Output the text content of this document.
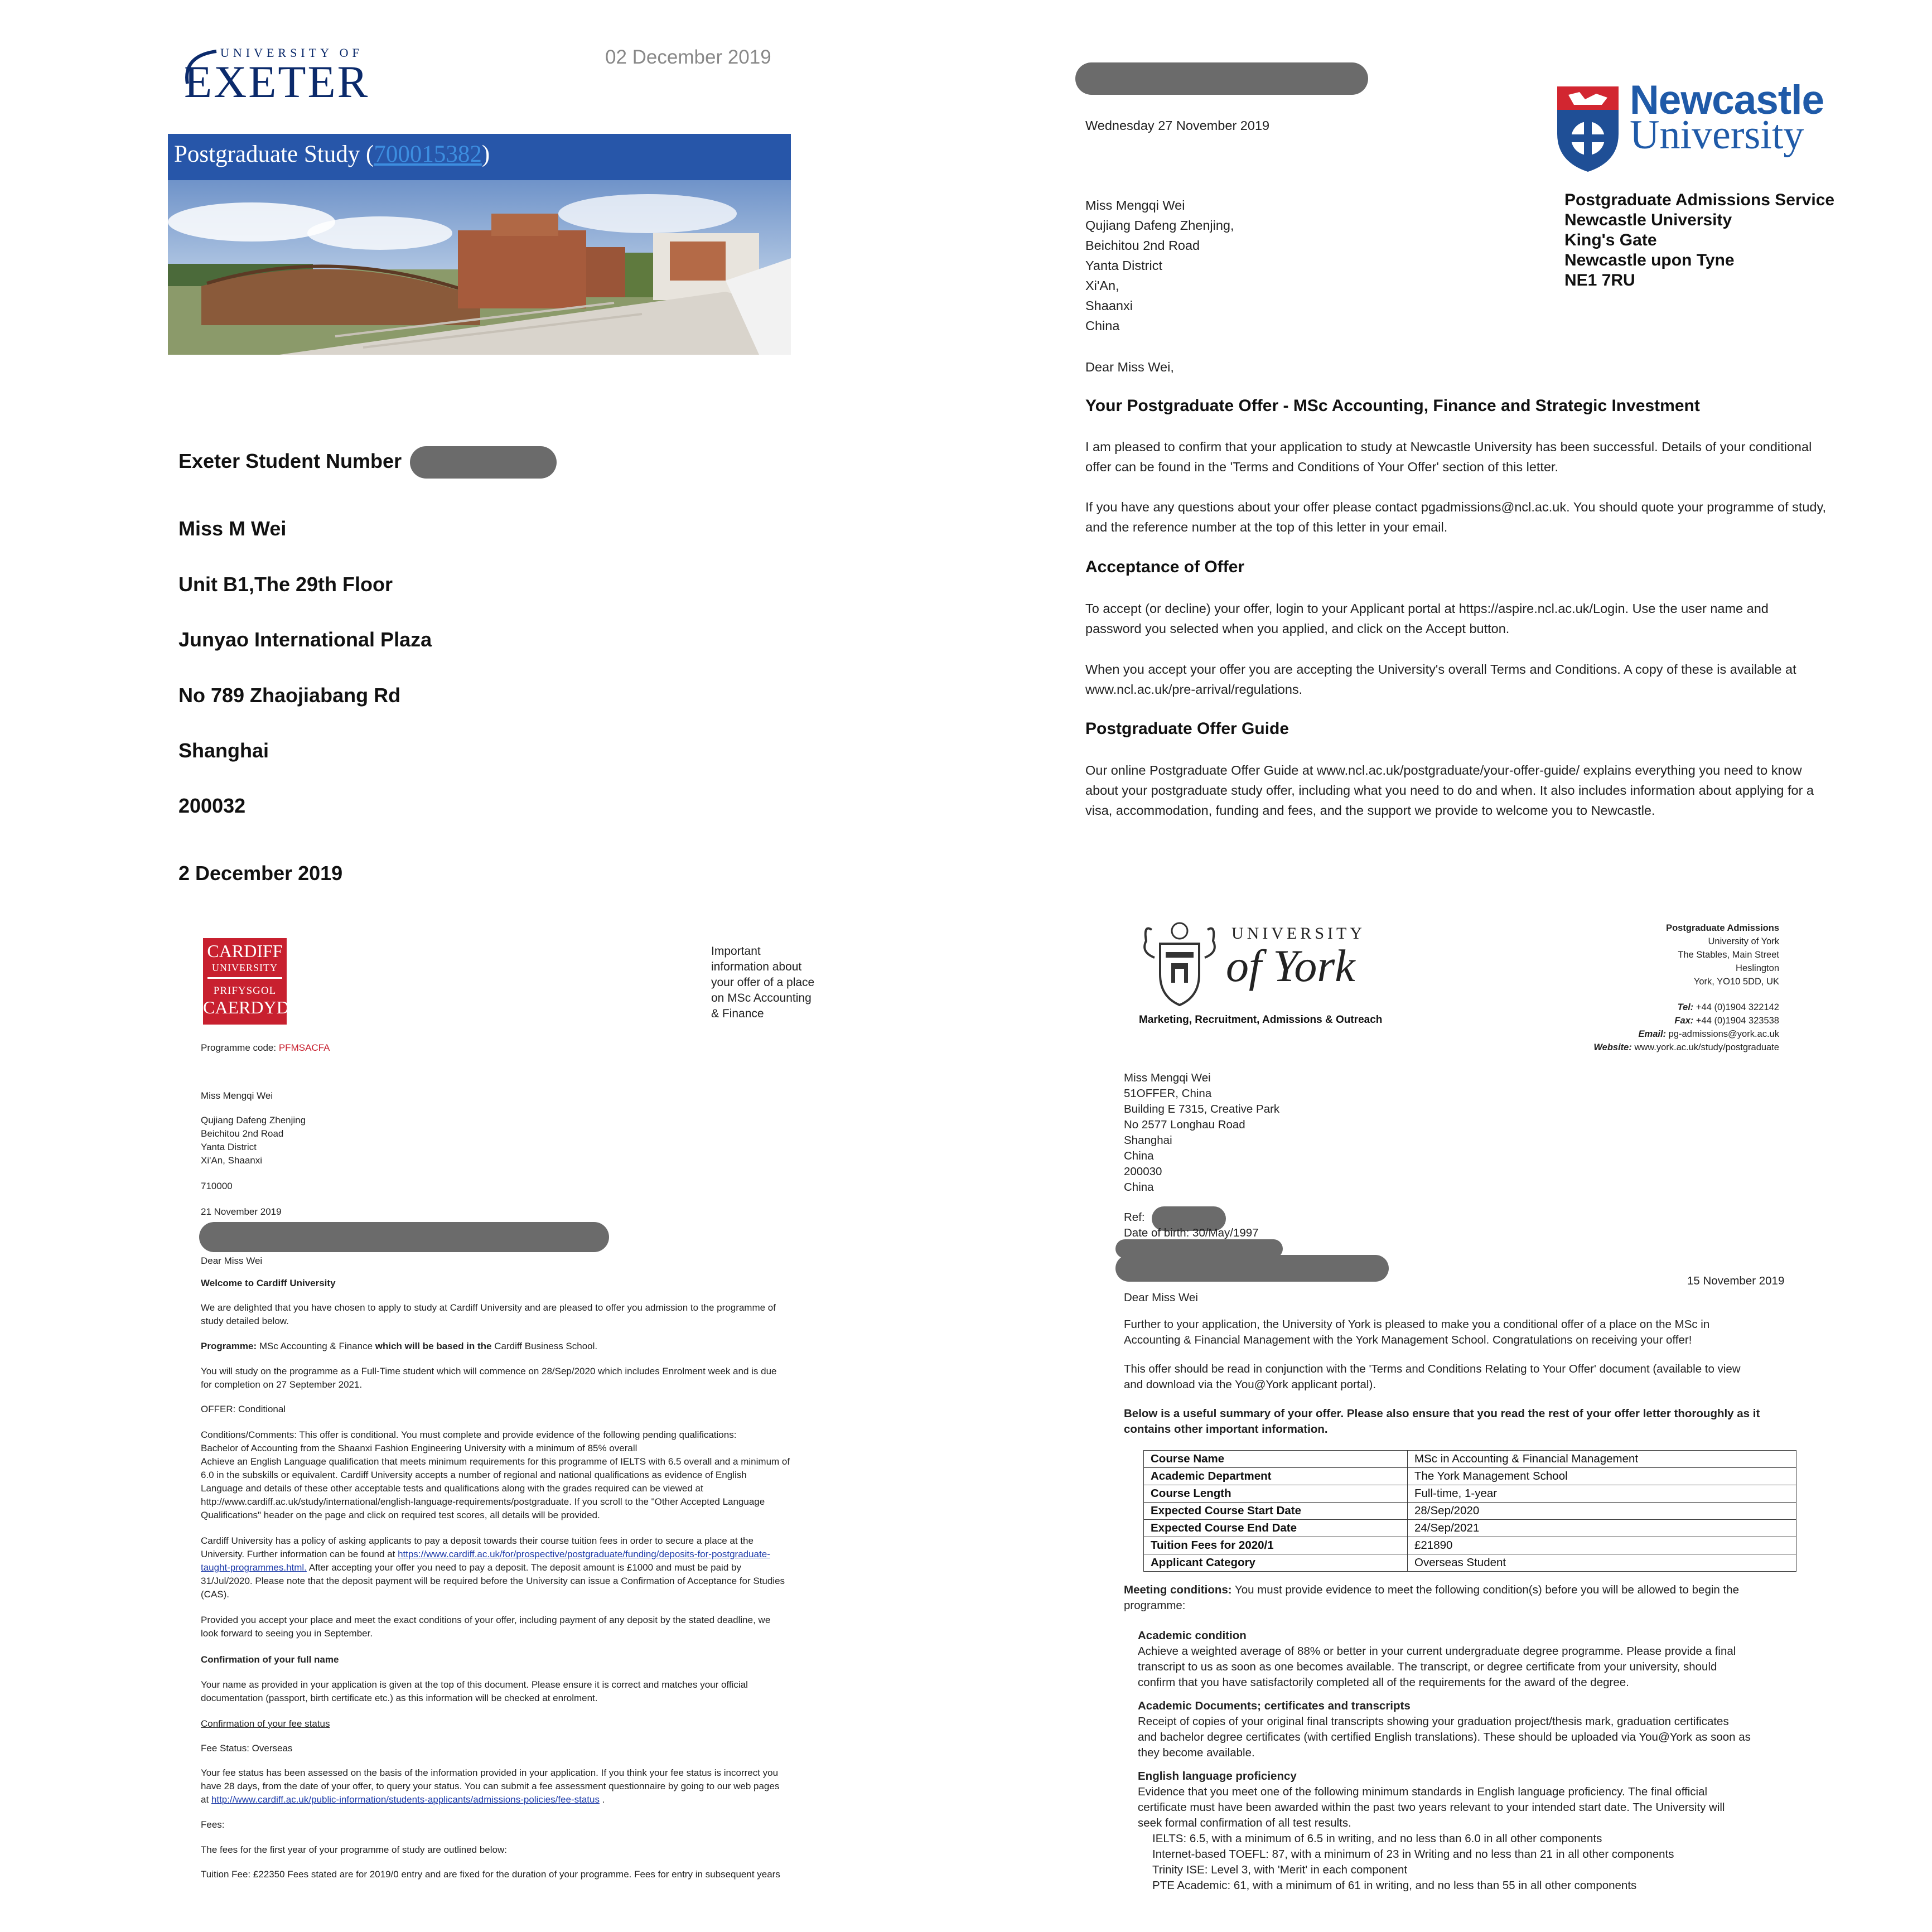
UNIVERSITY OF
EXETER	02 December 2019
Postgraduate Study (700015382)
Exeter Student Number
Miss M Wei
Unit B1,The 29th Floor
Junyao International Plaza
No 789 Zhaojiabang Rd
Shanghai
200032
2 December 2019
Wednesday 27 November 2019
Newcastle
University
Postgraduate Admissions Service
Newcastle University
King's Gate
Newcastle upon Tyne
NE1 7RU
Miss Mengqi Wei
Qujiang Dafeng Zhenjing,
Beichitou 2nd Road
Yanta District
Xi'An,
Shaanxi
China
Dear Miss Wei,
Your Postgraduate Offer - MSc Accounting, Finance and Strategic Investment
I am pleased to confirm that your application to study at Newcastle University has been successful. Details of your conditional
offer can be found in the 'Terms and Conditions of Your Offer' section of this letter.
If you have any questions about your offer please contact pgadmissions@ncl.ac.uk. You should quote your programme of study,
and the reference number at the top of this letter in your email.
Acceptance of Offer
To accept (or decline) your offer, login to your Applicant portal at https://aspire.ncl.ac.uk/Login. Use the user name and
password you selected when you applied, and click on the Accept button.
When you accept your offer you are accepting the University's overall Terms and Conditions. A copy of these is available at
www.ncl.ac.uk/pre-arrival/regulations.
Postgraduate Offer Guide
Our online Postgraduate Offer Guide at www.ncl.ac.uk/postgraduate/your-offer-guide/ explains everything you need to know
about your postgraduate study offer, including what you need to do and when. It also includes information about applying for a
visa, accommodation, funding and fees, and the support we provide to welcome you to Newcastle.
CARDIFF
UNIVERSITY
PRIFYSGOL
CAERDYDD
Important
information about
your offer of a place
on MSc Accounting
& Finance
Programme code: PFMSACFA
Miss Mengqi Wei
Qujiang Dafeng Zhenjing
Beichitou 2nd Road
Yanta District
Xi'An, Shaanxi
710000
21 November 2019
Dear Miss Wei
Welcome to Cardiff University
We are delighted that you have chosen to apply to study at Cardiff University and are pleased to offer you admission to the programme of
study detailed below.
Programme: MSc Accounting & Finance which will be based in the Cardiff Business School.
You will study on the programme as a Full-Time student which will commence on 28/Sep/2020 which includes Enrolment week and is due
for completion on 27 September 2021.
OFFER: Conditional
Conditions/Comments: This offer is conditional. You must complete and provide evidence of the following pending qualifications:
Bachelor of Accounting from the Shaanxi Fashion Engineering University with a minimum of 85% overall
Achieve an English Language qualification that meets minimum requirements for this programme of IELTS with 6.5 overall and a minimum of
6.0 in the subskills or equivalent. Cardiff University accepts a number of regional and national qualifications as evidence of English
Language and details of these other acceptable tests and qualifications along with the grades required can be viewed at
http://www.cardiff.ac.uk/study/international/english-language-requirements/postgraduate. If you scroll to the "Other Accepted Language
Qualifications" header on the page and click on required test scores, all details will be provided.
Cardiff University has a policy of asking applicants to pay a deposit towards their course tuition fees in order to secure a place at the
University. Further information can be found at https://www.cardiff.ac.uk/for/prospective/postgraduate/funding/deposits-for-postgraduate-
taught-programmes.html. After accepting your offer you need to pay a deposit. The deposit amount is £1000 and must be paid by
31/Jul/2020. Please note that the deposit payment will be required before the University can issue a Confirmation of Acceptance for Studies
(CAS).
Provided you accept your place and meet the exact conditions of your offer, including payment of any deposit by the stated deadline, we
look forward to seeing you in September.
Confirmation of your full name
Your name as provided in your application is given at the top of this document. Please ensure it is correct and matches your official
documentation (passport, birth certificate etc.) as this information will be checked at enrolment.
Confirmation of your fee status
Fee Status: Overseas
Your fee status has been assessed on the basis of the information provided in your application. If you think your fee status is incorrect you
have 28 days, from the date of your offer, to query your status. You can submit a fee assessment questionnaire by going to our web pages
at http://www.cardiff.ac.uk/public-information/students-applicants/admissions-policies/fee-status .
Fees:
The fees for the first year of your programme of study are outlined below:
Tuition Fee: £22350 Fees stated are for 2019/0 entry and are fixed for the duration of your programme. Fees for entry in subsequent years
UNIVERSITY
of York
Marketing, Recruitment, Admissions & Outreach
Postgraduate Admissions
University of York
The Stables, Main Street
Heslington
York, YO10 5DD, UK
Tel: +44 (0)1904 322142
Fax: +44 (0)1904 323538
Email: pg-admissions@york.ac.uk
Website: www.york.ac.uk/study/postgraduate
Miss Mengqi Wei
51OFFER, China
Building E 7315, Creative Park
No 2577 Longhau Road
Shanghai
China
200030
China
Ref:
Date of birth: 30/May/1997
15 November 2019
Dear Miss Wei
Further to your application, the University of York is pleased to make you a conditional offer of a place on the MSc in
Accounting & Financial Management with the York Management School. Congratulations on receiving your offer!
This offer should be read in conjunction with the 'Terms and Conditions Relating to Your Offer' document (available to view
and download via the You@York applicant portal).
Below is a useful summary of your offer. Please also ensure that you read the rest of your offer letter thoroughly as it
contains other important information.
Course Name	MSc in Accounting & Financial Management
Academic Department	The York Management School
Course Length	Full-time, 1-year
Expected Course Start Date	28/Sep/2020
Expected Course End Date	24/Sep/2021
Tuition Fees for 2020/1	£21890
Applicant Category	Overseas Student
Meeting conditions: You must provide evidence to meet the following condition(s) before you will be allowed to begin the
programme:
Academic condition
Achieve a weighted average of 88% or better in your current undergraduate degree programme. Please provide a final
transcript to us as soon as one becomes available. The transcript, or degree certificate from your university, should
confirm that you have satisfactorily completed all of the requirements for the award of the degree.
Academic Documents; certificates and transcripts
Receipt of copies of your original final transcripts showing your graduation project/thesis mark, graduation certificates
and bachelor degree certificates (with certified English translations). These should be uploaded via You@York as soon as
they become available.
English language proficiency
Evidence that you meet one of the following minimum standards in English language proficiency. The final official
certificate must have been awarded within the past two years relevant to your intended start date. The University will
seek formal confirmation of all test results.
IELTS: 6.5, with a minimum of 6.5 in writing, and no less than 6.0 in all other components
Internet-based TOEFL: 87, with a minimum of 23 in Writing and no less than 21 in all other components
Trinity ISE: Level 3, with 'Merit' in each component
PTE Academic: 61, with a minimum of 61 in writing, and no less than 55 in all other components
